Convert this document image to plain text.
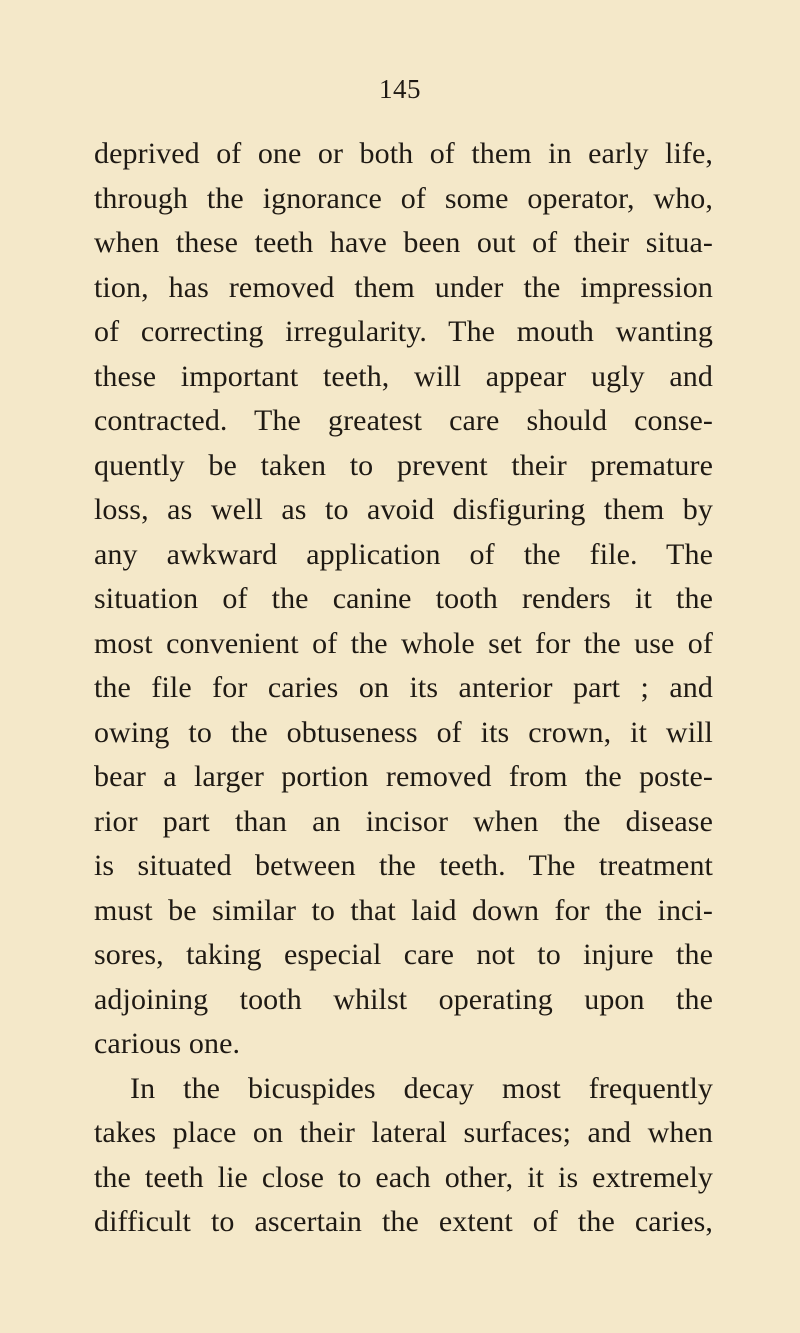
145
deprived of one or both of them in early life,
through the ignorance of some operator, who,
when these teeth have been out of their situa-
tion, has removed them under the impression
of correcting irregularity. The mouth wanting
these important teeth, will appear ugly and
contracted. The greatest care should conse-
quently be taken to prevent their premature
loss, as well as to avoid disfiguring them by
any awkward application of the file. The
situation of the canine tooth renders it the
most convenient of the whole set for the use of
the file for caries on its anterior part ; and
owing to the obtuseness of its crown, it will
bear a larger portion removed from the poste-
rior part than an incisor when the disease
is situated between the teeth. The treatment
must be similar to that laid down for the inci-
sores, taking especial care not to injure the
adjoining tooth whilst operating upon the
carious one.
In the bicuspides decay most frequently
takes place on their lateral surfaces; and when
the teeth lie close to each other, it is extremely
difficult to ascertain the extent of the caries,
